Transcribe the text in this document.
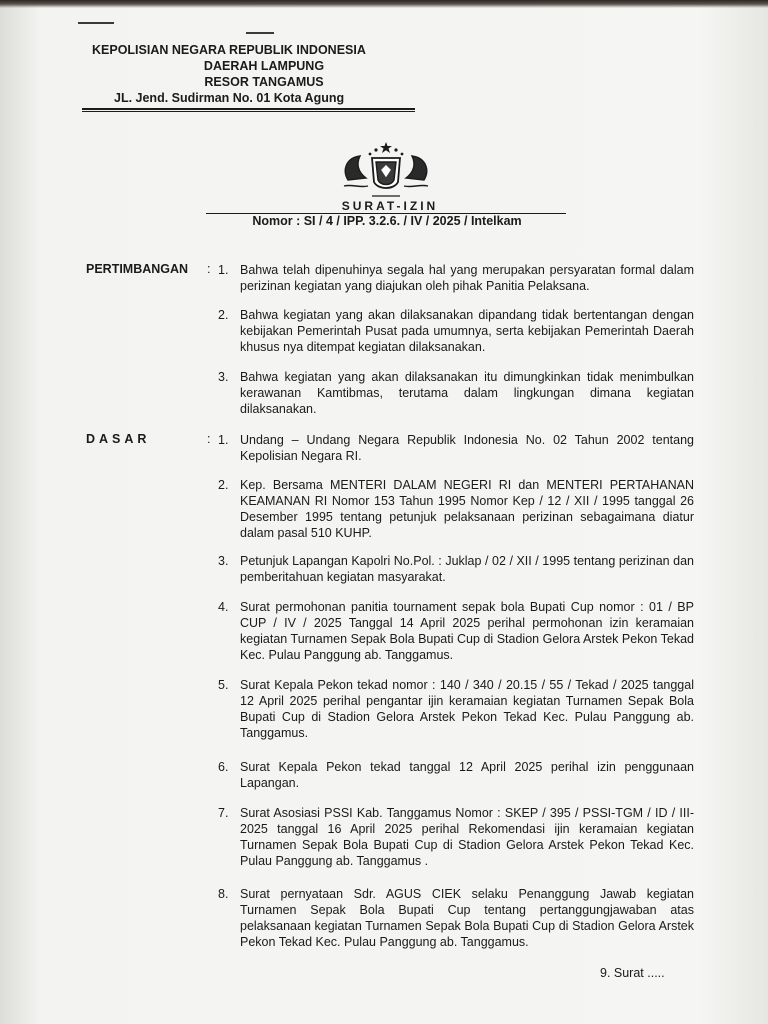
KEPOLISIAN NEGARA REPUBLIK INDONESIA
DAERAH LAMPUNG
RESOR TANGAMUS
JL. Jend. Sudirman No. 01 Kota Agung
SURAT-IZIN
Nomor : SI / 4 / IPP. 3.2.6. / IV / 2025 / Intelkam
PERTIMBANGAN : 1. Bahwa telah dipenuhinya segala hal yang merupakan persyaratan formal dalam perizinan kegiatan yang diajukan oleh pihak Panitia Pelaksana.
2. Bahwa kegiatan yang akan dilaksanakan dipandang tidak bertentangan dengan kebijakan Pemerintah Pusat pada umumnya, serta kebijakan Pemerintah Daerah khusus nya ditempat kegiatan dilaksanakan.
3. Bahwa kegiatan yang akan dilaksanakan itu dimungkinkan tidak menimbulkan kerawanan Kamtibmas, terutama dalam lingkungan dimana kegiatan dilaksanakan.
DASAR	: 1. Undang – Undang Negara Republik Indonesia No. 02 Tahun 2002 tentang Kepolisian Negara RI.
2. Kep. Bersama MENTERI DALAM NEGERI RI dan MENTERI PERTAHANAN KEAMANAN RI Nomor 153 Tahun 1995 Nomor Kep / 12 / XII / 1995 tanggal 26 Desember 1995 tentang petunjuk pelaksanaan perizinan sebagaimana diatur dalam pasal 510 KUHP.
3. Petunjuk Lapangan Kapolri No.Pol. : Juklap / 02 / XII / 1995 tentang perizinan dan pemberitahuan kegiatan masyarakat.
4. Surat permohonan panitia tournament sepak bola Bupati Cup nomor : 01 / BP CUP / IV / 2025 Tanggal 14 April 2025 perihal permohonan izin keramaian kegiatan Turnamen Sepak Bola Bupati Cup di Stadion Gelora Arstek Pekon Tekad Kec. Pulau Panggung ab. Tanggamus.
5. Surat Kepala Pekon tekad nomor : 140 / 340 / 20.15 / 55 / Tekad / 2025 tanggal 12 April 2025 perihal pengantar ijin keramaian kegiatan Turnamen Sepak Bola Bupati Cup di Stadion Gelora Arstek Pekon Tekad Kec. Pulau Panggung ab. Tanggamus.
6. Surat Kepala Pekon tekad tanggal 12 April 2025 perihal izin penggunaan Lapangan.
7. Surat Asosiasi PSSI Kab. Tanggamus Nomor : SKEP / 395 / PSSI-TGM / ID / III-2025 tanggal 16 April 2025 perihal Rekomendasi ijin keramaian kegiatan Turnamen Sepak Bola Bupati Cup di Stadion Gelora Arstek Pekon Tekad Kec. Pulau Panggung ab. Tanggamus .
8. Surat pernyataan Sdr. AGUS CIEK selaku Penanggung Jawab kegiatan Turnamen Sepak Bola Bupati Cup tentang pertanggungjawaban atas pelaksanaan kegiatan Turnamen Sepak Bola Bupati Cup di Stadion Gelora Arstek Pekon Tekad Kec. Pulau Panggung ab. Tanggamus.
9. Surat .....
